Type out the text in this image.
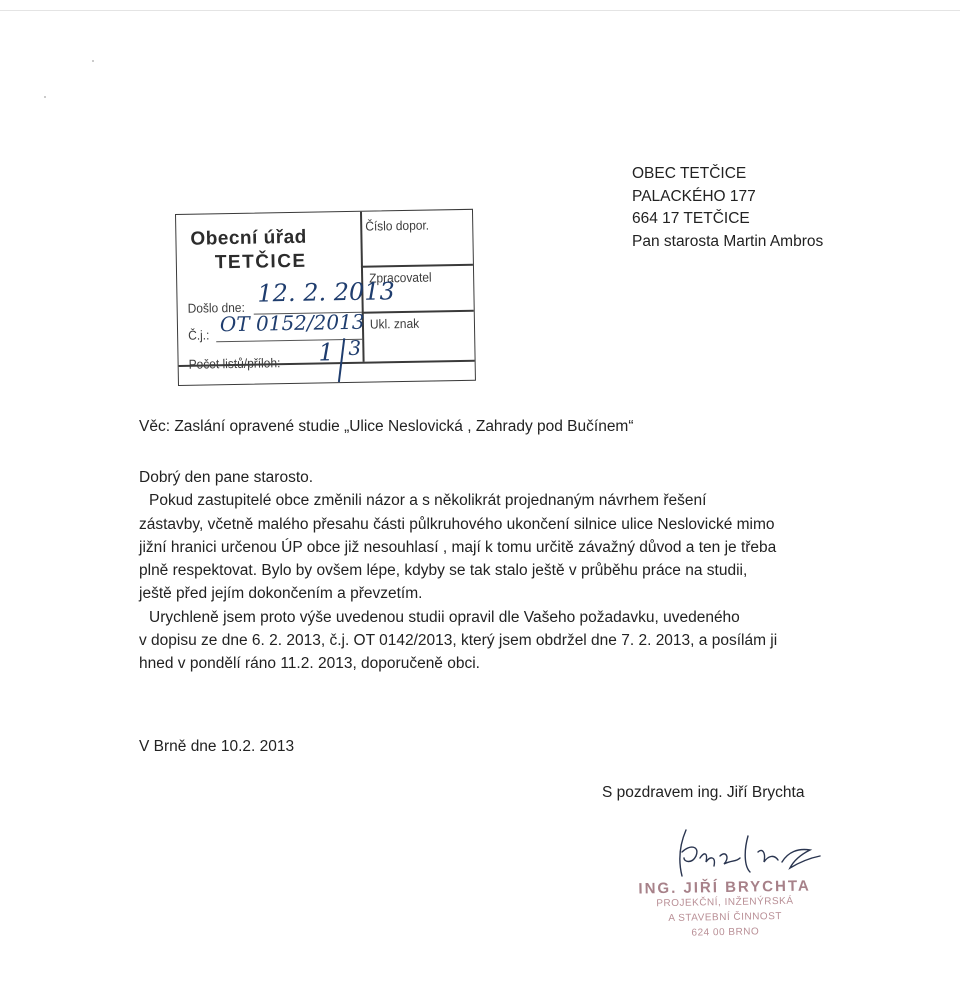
OBEC TETČICE
PALACKÉHO 177
664 17 TETČICE
Pan starosta Martin Ambros
Obecní úřad
TETČICE
Číslo dopor.
Zpracovatel
Ukl. znak
Došlo dne:
12. 2. 2013
Č.j.: OT 0152/2013
Počet listů/příloh: 1 3
Věc: Zaslání opravené studie „Ulice Neslovická , Zahrady pod Bučínem“

Dobrý den pane starosto.

Pokud zastupitelé obce změnili názor a s několikrát projednaným návrhem řešení
zástavby, včetně malého přesahu části půlkruhového ukončení silnice ulice Neslovické mimo
jižní hranici určenou ÚP obce již nesouhlasí , mají k tomu určitě závažný důvod a ten je třeba
plně respektovat. Bylo by ovšem lépe, kdyby se tak stalo ještě v průběhu práce na studii,
ještě před jejím dokončením a převzetím.

Urychleně jsem proto výše uvedenou studii opravil dle Vašeho požadavku, uvedeného
v dopisu ze dne 6. 2. 2013, č.j. OT 0142/2013, který jsem obdržel dne 7. 2. 2013, a posílám ji
hned v pondělí ráno 11.2. 2013, doporučeně obci.

V Brně dne 10.2. 2013
S pozdravem ing. Jiří Brychta
ING. JIŘÍ BRYCHTA
PROJEKČNÍ, INŽENÝRSKÁ
A STAVEBNÍ ČINNOST
624 00 BRNO
